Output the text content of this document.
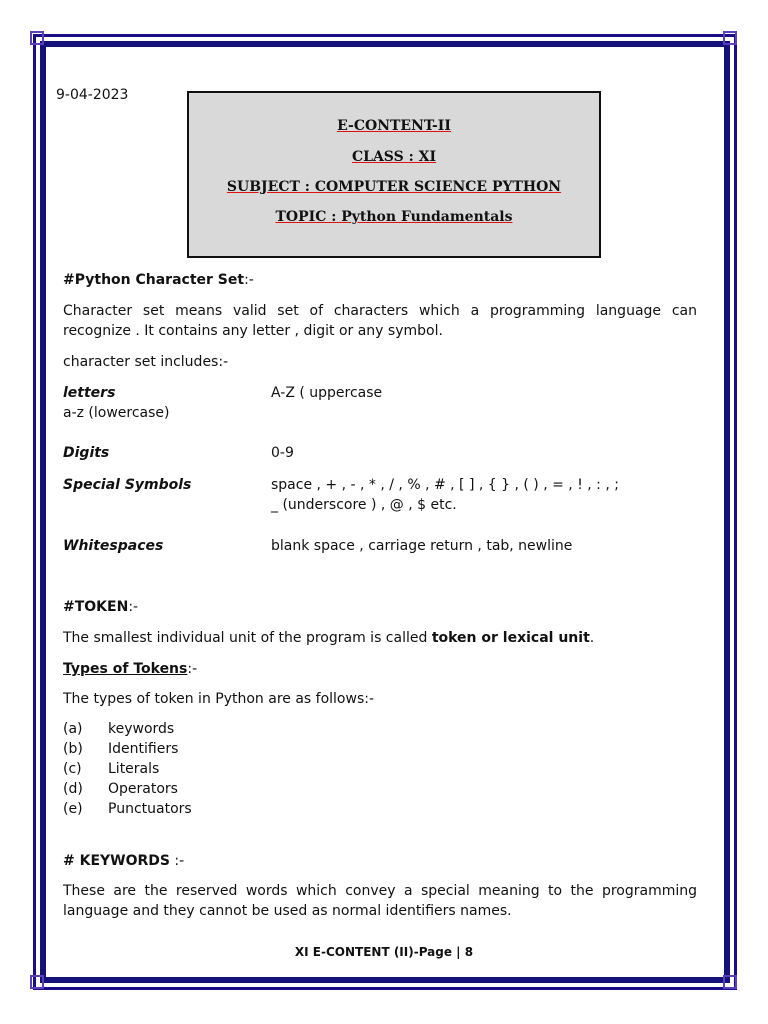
9-04-2023
E-CONTENT-II
CLASS : XI
SUBJECT : COMPUTER SCIENCE PYTHON
TOPIC : Python Fundamentals
#Python Character Set:-
Character set means valid set of characters which a programming language can recognize . It contains any letter , digit or any symbol.
character set includes:-
letters	A-Z ( uppercase
a-z (lowercase)
Digits	0-9
Special Symbols	space , + , - , * , / , % , # , [ ] , { } , ( ) , = , ! , : , ;
_ (underscore ) , @ , $ etc.
Whitespaces	blank space , carriage return , tab, newline
#TOKEN:-
The smallest individual unit of the program is called token or lexical unit.
Types of Tokens:-
The types of token in Python are as follows:-
(a) keywords
(b) Identifiers
(c) Literals
(d) Operators
(e) Punctuators
# KEYWORDS :-
These are the reserved words which convey a special meaning to the programming language and they cannot be used as normal identifiers names.
XI E-CONTENT (II)-Page | 8
